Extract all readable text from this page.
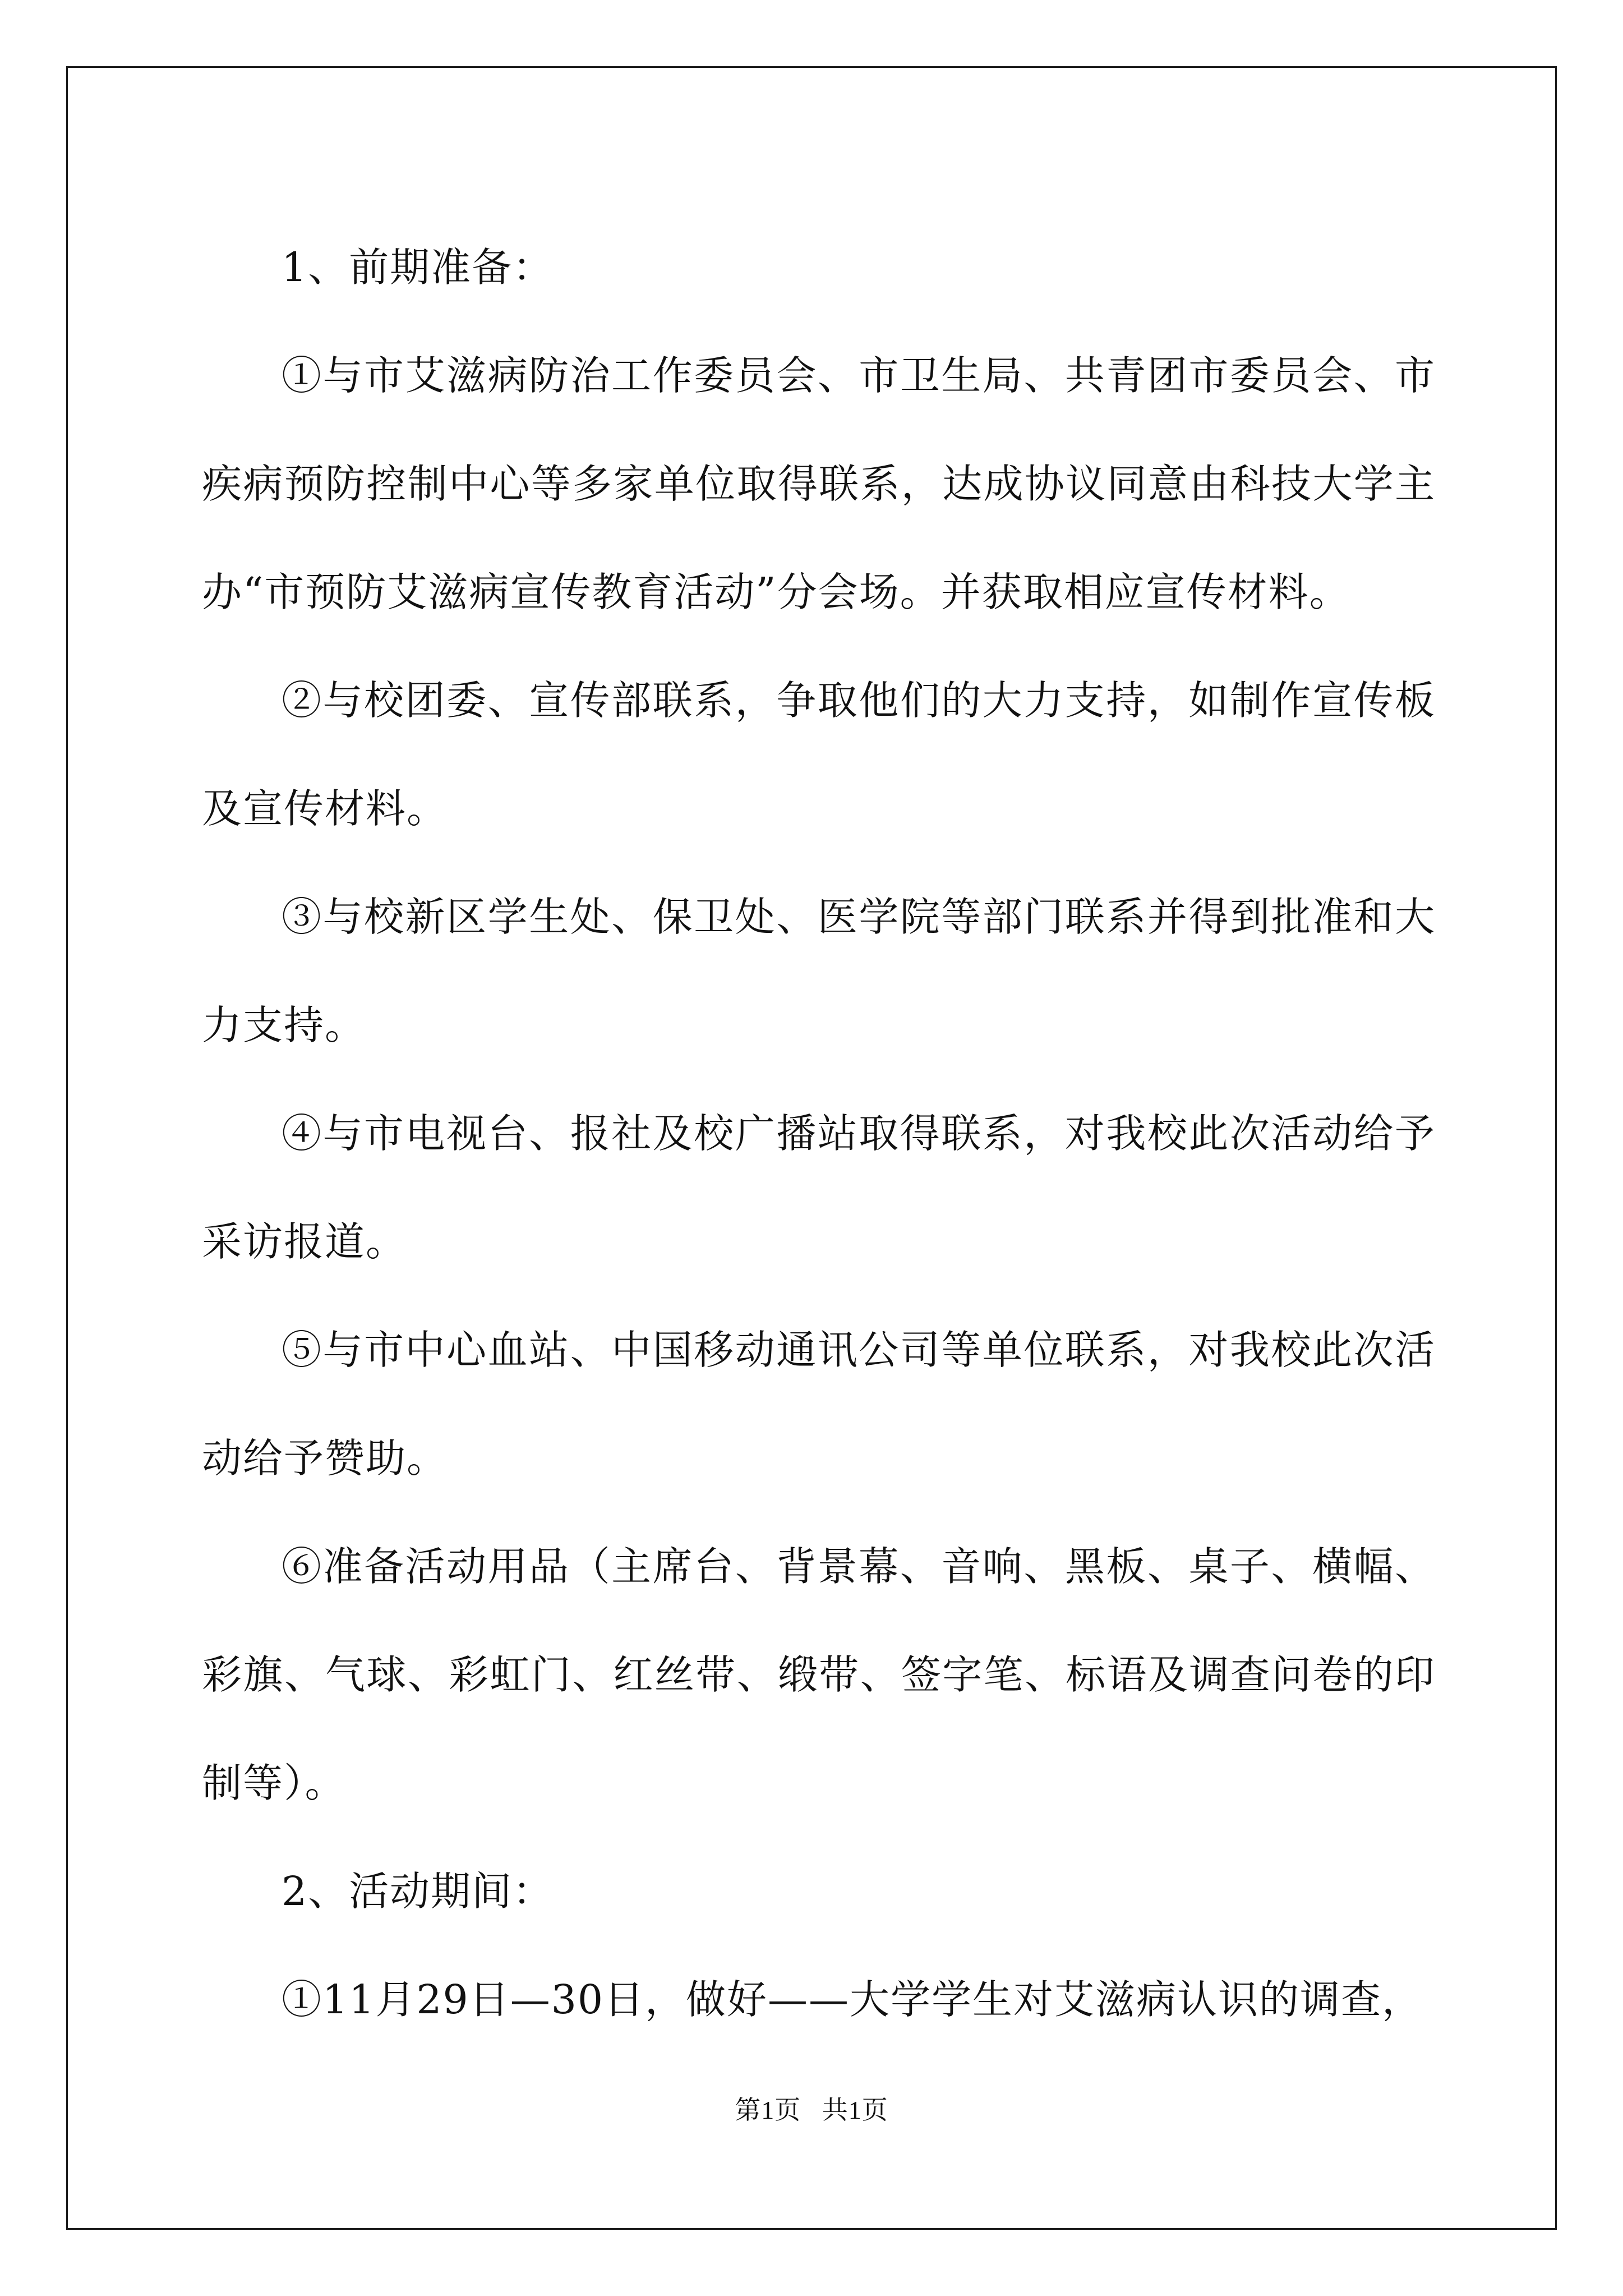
1、前期准备：

①与市艾滋病防治工作委员会、市卫生局、共青团市委员会、市疾病预防控制中心等多家单位取得联系，达成协议同意由科技大学主办“市预防艾滋病宣传教育活动”分会场。并获取相应宣传材料。

②与校团委、宣传部联系，争取他们的大力支持，如制作宣传板及宣传材料。

③与校新区学生处、保卫处、医学院等部门联系并得到批准和大力支持。

④与市电视台、报社及校广播站取得联系，对我校此次活动给予采访报道。

⑤与市中心血站、中国移动通讯公司等单位联系，对我校此次活动给予赞助。

⑥准备活动用品（主席台、背景幕、音响、黑板、桌子、横幅、彩旗、气球、彩虹门、红丝带、缎带、签字笔、标语及调查问卷的印制等）。

2、活动期间：

①11月29日—30日，做好——大学学生对艾滋病认识的调查，

第1页 共1页
